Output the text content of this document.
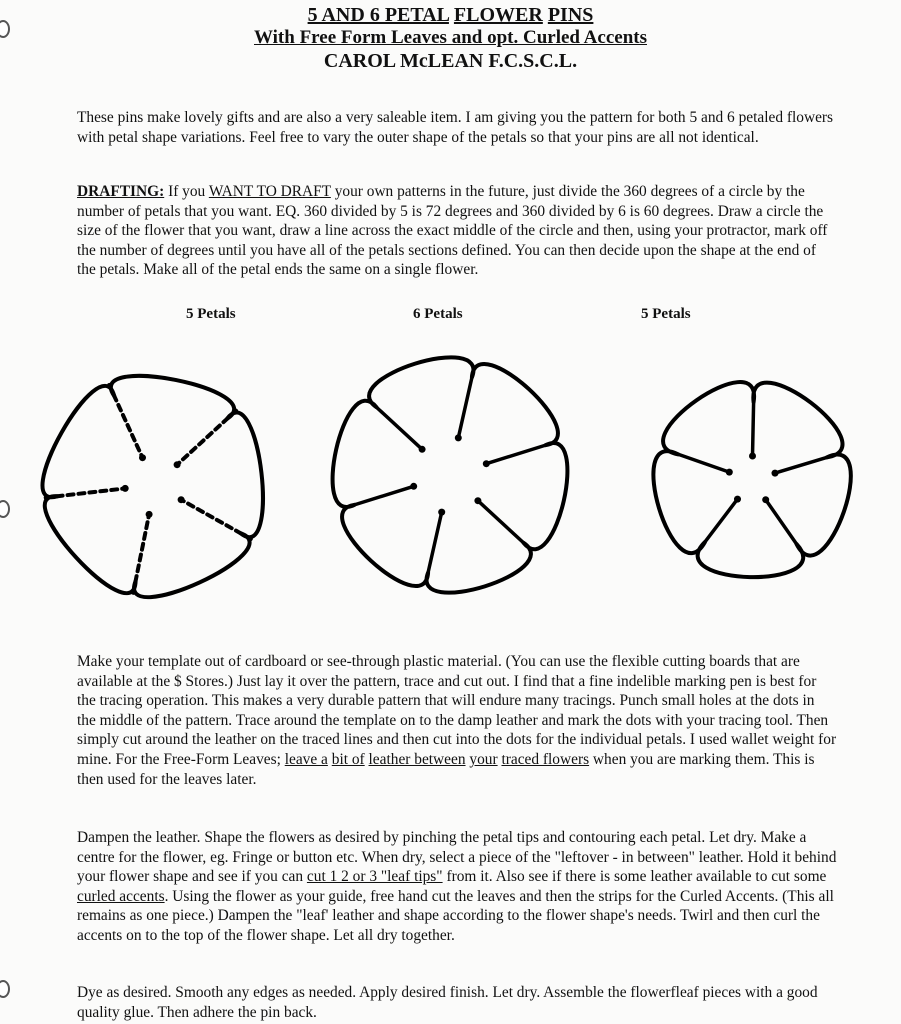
5 AND 6 PETAL FLOWER PINS
With Free Form Leaves and opt. Curled Accents
CAROL McLEAN F.C.S.C.L.
These pins make lovely gifts and are also a very saleable item. I am giving you the pattern for both 5 and 6 petaled flowers with petal shape variations. Feel free to vary the outer shape of the petals so that your pins are all not identical.
DRAFTING: If you WANT TO DRAFT your own patterns in the future, just divide the 360 degrees of a circle by the number of petals that you want. EQ. 360 divided by 5 is 72 degrees and 360 divided by 6 is 60 degrees. Draw a circle the size of the flower that you want, draw a line across the exact middle of the circle and then, using your protractor, mark off the number of degrees until you have all of the petals sections defined. You can then decide upon the shape at the end of the petals. Make all of the petal ends the same on a single flower.
5 Petals	6 Petals	5 Petals
Make your template out of cardboard or see-through plastic material. (You can use the flexible cutting boards that are available at the $ Stores.) Just lay it over the pattern, trace and cut out. I find that a fine indelible marking pen is best for the tracing operation. This makes a very durable pattern that will endure many tracings. Punch small holes at the dots in the middle of the pattern. Trace around the template on to the damp leather and mark the dots with your tracing tool. Then simply cut around the leather on the traced lines and then cut into the dots for the individual petals. I used wallet weight for mine. For the Free-Form Leaves; leave a bit of leather between your traced flowers when you are marking them. This is then used for the leaves later.
Dampen the leather. Shape the flowers as desired by pinching the petal tips and contouring each petal. Let dry. Make a centre for the flower, eg. Fringe or button etc. When dry, select a piece of the "leftover - in between" leather. Hold it behind your flower shape and see if you can cut 1 2 or 3 "leaf tips" from it. Also see if there is some leather available to cut some curled accents. Using the flower as your guide, free hand cut the leaves and then the strips for the Curled Accents. (This all remains as one piece.) Dampen the "leaf' leather and shape according to the flower shape's needs. Twirl and then curl the accents on to the top of the flower shape. Let all dry together.
Dye as desired. Smooth any edges as needed. Apply desired finish. Let dry. Assemble the flowerfleaf pieces with a good quality glue. Then adhere the pin back.
